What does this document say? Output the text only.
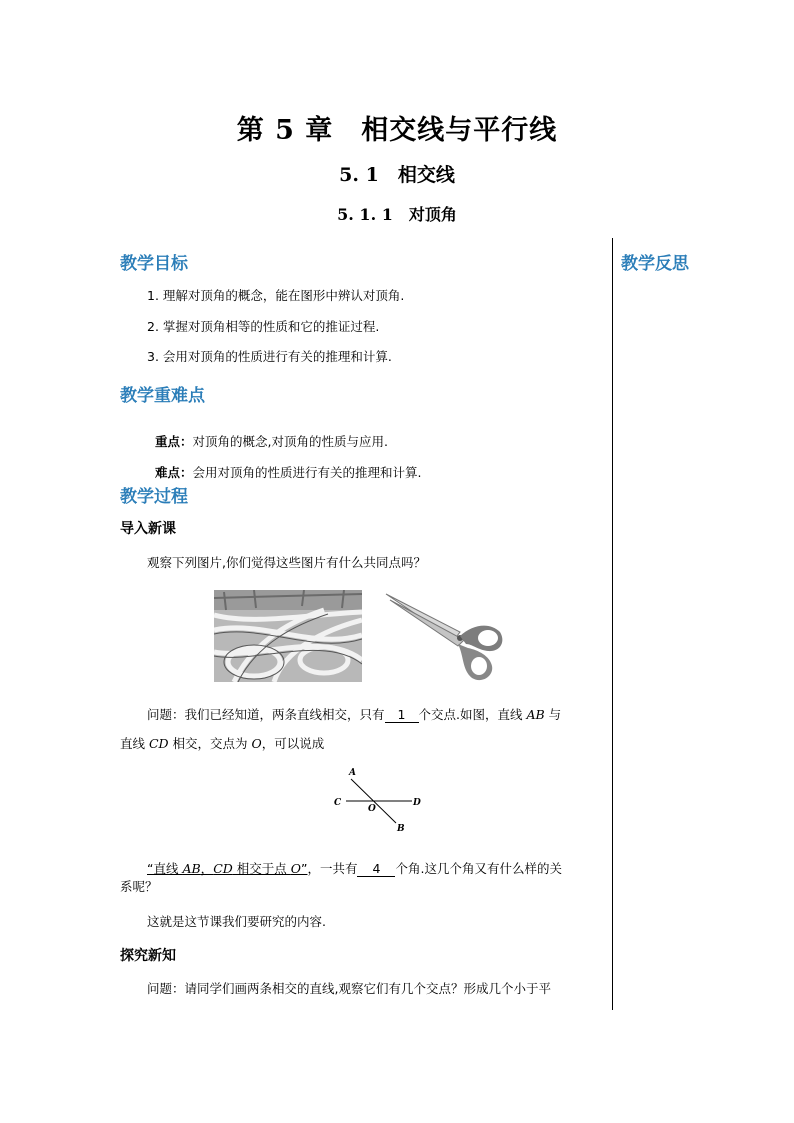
第 5 章　相交线与平行线
5. 1　相交线
5. 1. 1　对顶角
教学反思
教学目标
1. 理解对顶角的概念，能在图形中辨认对顶角.
2. 掌握对顶角相等的性质和它的推证过程.
3. 会用对顶角的性质进行有关的推理和计算.
教学重难点

重点：对顶角的概念,对顶角的性质与应用.

难点：会用对顶角的性质进行有关的推理和计算.

教学过程
导入新课
观察下列图片,你们觉得这些图片有什么共同点吗？
问题：我们已经知道，两条直线相交，只有 1 个交点.如图，直线 AB 与
直线 CD 相交，交点为 O，可以说成
A
C
O
D
B
“直线 AB，CD 相交于点 O”，一共有 4 个角.这几个角又有什么样的关
系呢？
这就是这节课我们要研究的内容.
探究新知
问题：请同学们画两条相交的直线,观察它们有几个交点？形成几个小于平
